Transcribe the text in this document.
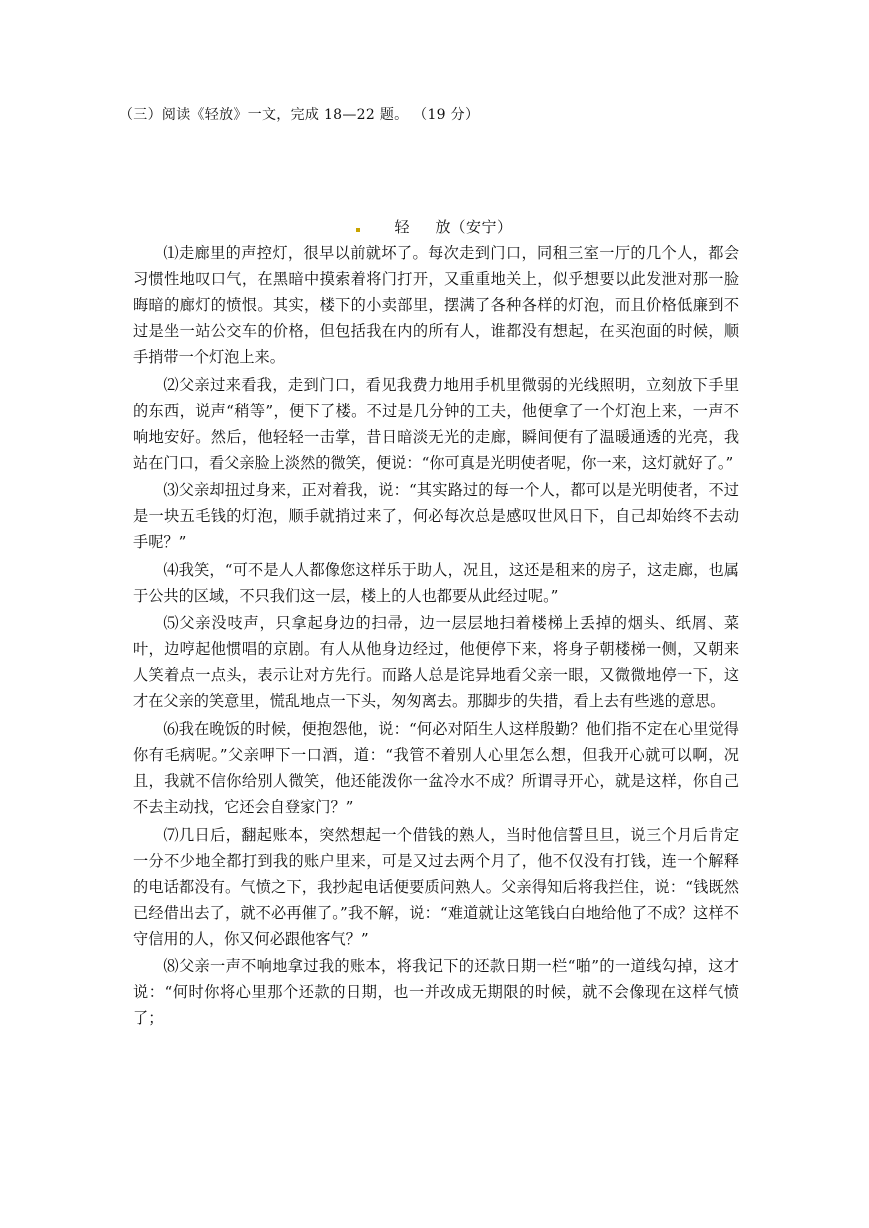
（三）阅读《轻放》一文，完成 18—22 题。 （19 分）
轻 放（安宁）

⑴走廊里的声控灯，很早以前就坏了。每次走到门口，同租三室一厅的几个人，都会习惯性地叹口气，在黑暗中摸索着将门打开，又重重地关上，似乎想要以此发泄对那一脸晦暗的廊灯的愤恨。其实，楼下的小卖部里，摆满了各种各样的灯泡，而且价格低廉到不过是坐一站公交车的价格，但包括我在内的所有人，谁都没有想起，在买泡面的时候，顺手捎带一个灯泡上来。

⑵父亲过来看我，走到门口，看见我费力地用手机里微弱的光线照明，立刻放下手里的东西，说声“稍等”，便下了楼。不过是几分钟的工夫，他便拿了一个灯泡上来，一声不响地安好。然后，他轻轻一击掌，昔日暗淡无光的走廊，瞬间便有了温暖通透的光亮，我站在门口，看父亲脸上淡然的微笑，便说：“你可真是光明使者呢，你一来，这灯就好了。”

⑶父亲却扭过身来，正对着我，说：“其实路过的每一个人，都可以是光明使者，不过是一块五毛钱的灯泡，顺手就捎过来了，何必每次总是感叹世风日下，自己却始终不去动手呢？”

⑷我笑，“可不是人人都像您这样乐于助人，况且，这还是租来的房子，这走廊，也属于公共的区域，不只我们这一层，楼上的人也都要从此经过呢。”

⑸父亲没吱声，只拿起身边的扫帚，边一层层地扫着楼梯上丢掉的烟头、纸屑、菜叶，边哼起他惯唱的京剧。有人从他身边经过，他便停下来，将身子朝楼梯一侧，又朝来人笑着点一点头，表示让对方先行。而路人总是诧异地看父亲一眼，又微微地停一下，这才在父亲的笑意里，慌乱地点一下头，匆匆离去。那脚步的失措，看上去有些逃的意思。

⑹我在晚饭的时候，便抱怨他，说：“何必对陌生人这样殷勤？他们指不定在心里觉得你有毛病呢。”父亲呷下一口酒，道：“我管不着别人心里怎么想，但我开心就可以啊，况且，我就不信你给别人微笑，他还能泼你一盆冷水不成？所谓寻开心，就是这样，你自己不去主动找，它还会自登家门？”

⑺几日后，翻起账本，突然想起一个借钱的熟人，当时他信誓旦旦，说三个月后肯定一分不少地全都打到我的账户里来，可是又过去两个月了，他不仅没有打钱，连一个解释的电话都没有。气愤之下，我抄起电话便要质问熟人。父亲得知后将我拦住，说：“钱既然已经借出去了，就不必再催了。”我不解，说：“难道就让这笔钱白白地给他了不成？这样不守信用的人，你又何必跟他客气？”

⑻父亲一声不响地拿过我的账本，将我记下的还款日期一栏“啪”的一道线勾掉，这才说：“何时你将心里那个还款的日期，也一并改成无期限的时候，就不会像现在这样气愤了；
